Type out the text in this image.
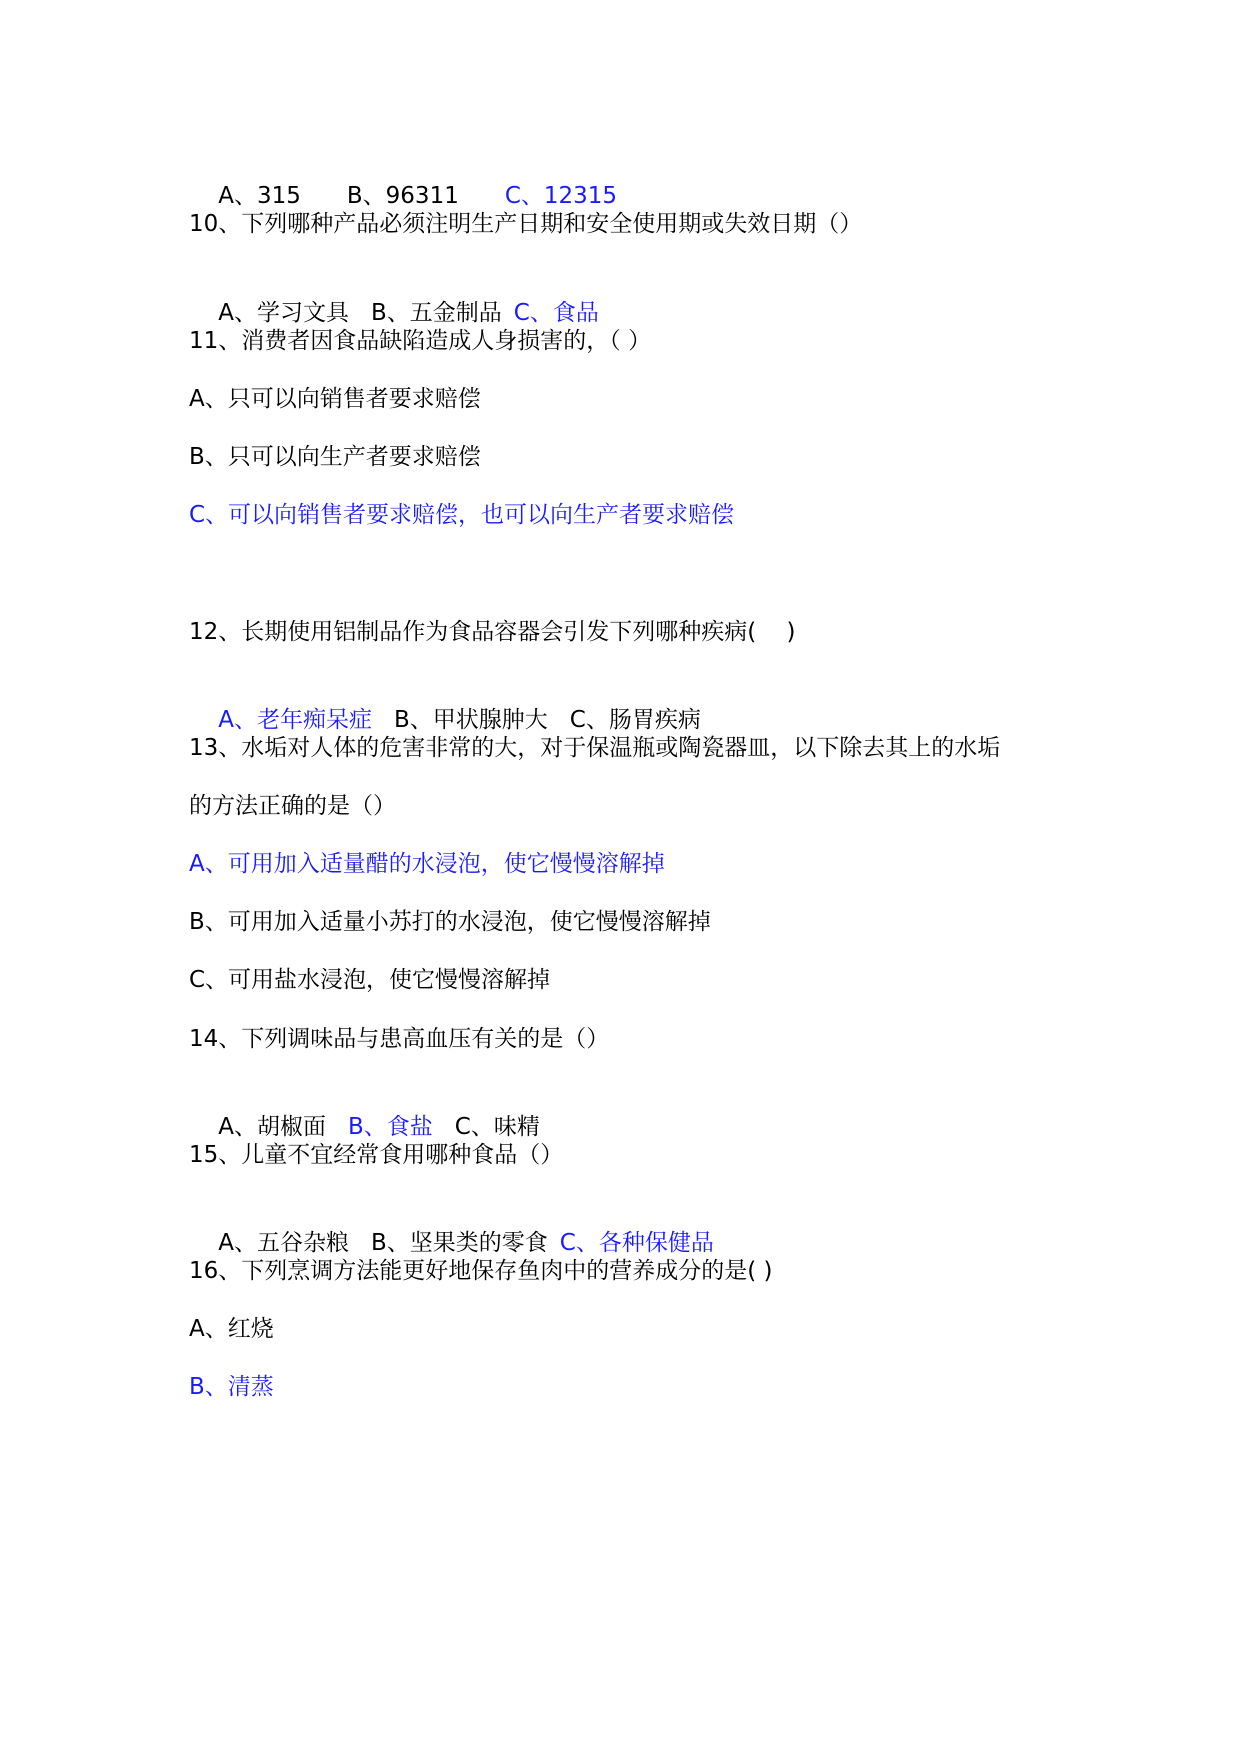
A、315 B、96311 C、12315

10、下列哪种产品必须注明生产日期和安全使用期或失效日期（）

A、学习文具 B、五金制品 C、食品

11、消费者因食品缺陷造成人身损害的，（ ）
A、只可以向销售者要求赔偿
B、只可以向生产者要求赔偿
C、可以向销售者要求赔偿，也可以向生产者要求赔偿
12、长期使用铝制品作为食品容器会引发下列哪种疾病(　 )

A、老年痴呆症 B、甲状腺肿大 C、肠胃疾病

13、水垢对人体的危害非常的大，对于保温瓶或陶瓷器皿，以下除去其上的水垢
的方法正确的是（）
A、可用加入适量醋的水浸泡，使它慢慢溶解掉
B、可用加入适量小苏打的水浸泡，使它慢慢溶解掉
C、可用盐水浸泡，使它慢慢溶解掉
14、下列调味品与患高血压有关的是（）

A、胡椒面 B、食盐 C、味精

15、儿童不宜经常食用哪种食品（）

A、五谷杂粮 B、坚果类的零食 C、各种保健品

16、下列烹调方法能更好地保存鱼肉中的营养成分的是( )
A、红烧
B、清蒸
